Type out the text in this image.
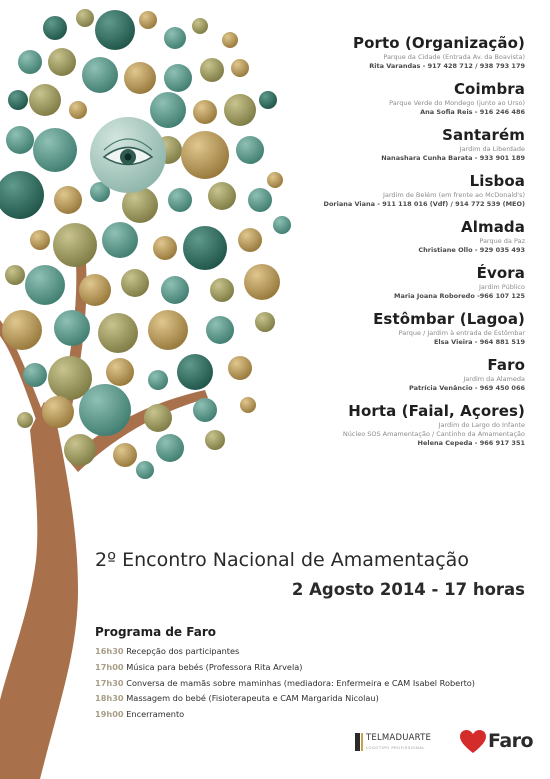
Porto (Organização)
Parque da Cidade (Entrada Av. da Boavista)
Rita Varandas - 917 428 712 / 938 793 179
Coimbra
Parque Verde do Mondego (junto ao Urso)
Ana Sofia Reis - 916 246 486
Santarém
Jardim da Liberdade
Nanashara Cunha Barata - 933 901 189
Lisboa
Jardim de Belém (em frente ao McDonald's)
Doriana Viana - 911 118 016 (Vdf) / 914 772 539 (MEO)
Almada
Parque da Paz
Christiane Ollo - 929 035 493
Évora
Jardim Público
Maria Joana Roboredo -966 107 125
Estômbar (Lagoa)
Parque / Jardim à entrada de Estômbar
Elsa Vieira - 964 881 519
Faro
Jardim da Alameda
Patrícia Venâncio - 969 450 066
Horta (Faial, Açores)
Jardim do Largo do Infante
Núcleo SOS Amamentação / Cantinho da Amamentação
Helena Cepeda - 966 917 351
2º Encontro Nacional de Amamentação
2 Agosto 2014 - 17 horas
Programa de Faro
16h30 Recepção dos participantes
17h00 Música para bebés (Professora Rita Arvela)
17h30 Conversa de mamãs sobre maminhas (mediadora: Enfermeira e CAM Isabel Roberto)
18h30 Massagem do bebé (Fisioterapeuta e CAM Margarida Nicolau)
19h00 Encerramento
TELMADUARTE
LOGOTIPO PROFISSIONAL	Faro
